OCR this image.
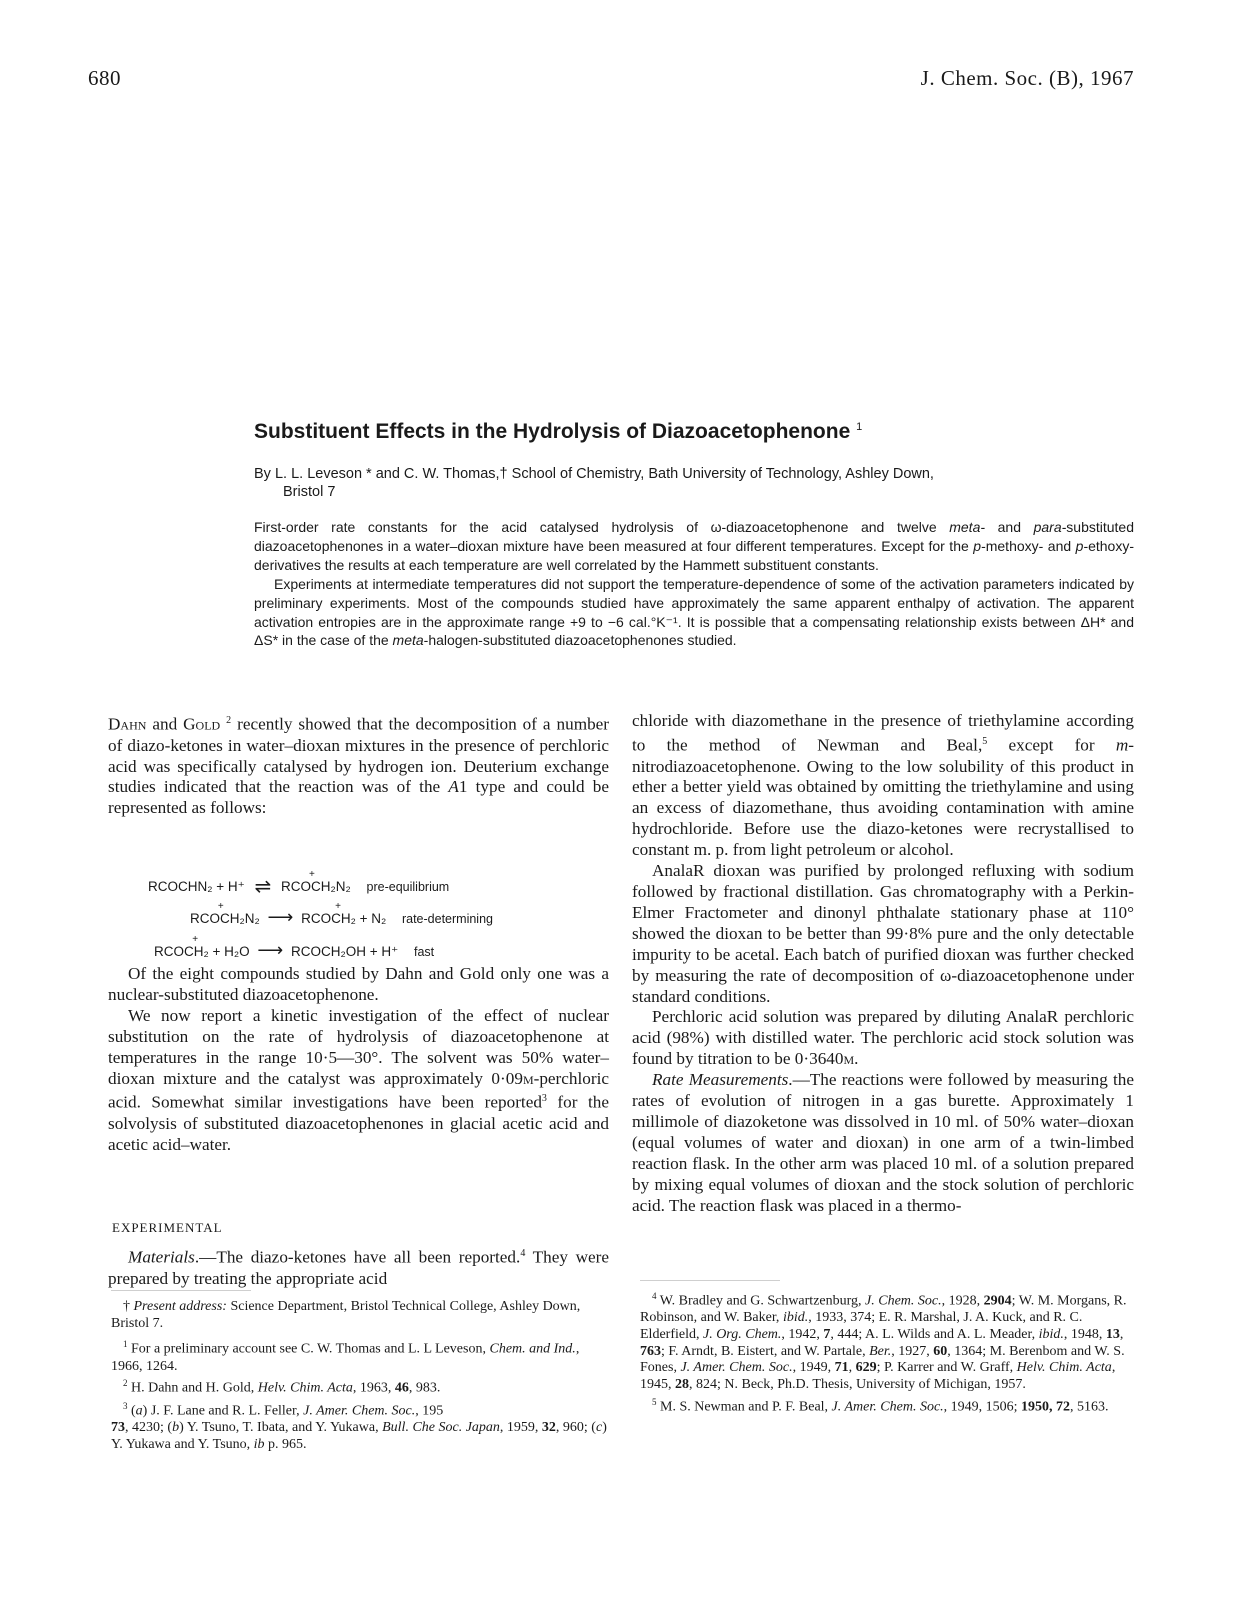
680	J. Chem. Soc. (B), 1967
Substituent Effects in the Hydrolysis of Diazoacetophenone $^1$
By L. L. Leveson * and C. W. Thomas,† School of Chemistry, Bath University of Technology, Ashley Down,
Bristol 7

First-order rate constants for the acid catalysed hydrolysis of ω-diazoacetophenone and twelve meta- and para-substituted diazoacetophenones in a water–dioxan mixture have been measured at four different temperatures. Except for the p-methoxy- and p-ethoxy-derivatives the results at each temperature are well correlated by the Hammett substituent constants.

Experiments at intermediate temperatures did not support the temperature-dependence of some of the activation parameters indicated by preliminary experiments. Most of the compounds studied have approximately the same apparent enthalpy of activation. The apparent activation entropies are in the approximate range +9 to −6 cal.°K⁻¹. It is possible that a compensating relationship exists between ΔH* and ΔS* in the case of the meta-halogen-substituted diazoacetophenones studied.

Dahn and Gold $^2$ recently showed that the decomposition of a number of diazo-ketones in water–dioxan mixtures in the presence of perchloric acid was specifically catalysed by hydrogen ion. Deuterium exchange studies indicated that the reaction was of the A1 type and could be represented as follows:

RCOCHN₂ + H⁺ ⇌ + RCOCH₂N₂ pre-equilibrium
+ RCOCH₂N₂ ⟶ + RCOCH₂ + N₂ rate-determining
+ RCOCH₂ + H₂O ⟶ RCOCH₂OH + H⁺ fast

Of the eight compounds studied by Dahn and Gold only one was a nuclear-substituted diazoacetophenone.

We now report a kinetic investigation of the effect of nuclear substitution on the rate of hydrolysis of diazoacetophenone at temperatures in the range 10·5—30°. The solvent was 50% water–dioxan mixture and the catalyst was approximately 0·09m-perchloric acid. Somewhat similar investigations have been reported$^3$ for the solvolysis of substituted diazoacetophenones in glacial acetic acid and acetic acid–water.

EXPERIMENTAL

Materials.—The diazo-ketones have all been reported.$^4$ They were prepared by treating the appropriate acid

chloride with diazomethane in the presence of triethylamine according to the method of Newman and Beal,$^5$ except for m-nitrodiazoacetophenone. Owing to the low solubility of this product in ether a better yield was obtained by omitting the triethylamine and using an excess of diazomethane, thus avoiding contamination with amine hydrochloride. Before use the diazo-ketones were recrystallised to constant m. p. from light petroleum or alcohol.

AnalaR dioxan was purified by prolonged refluxing with sodium followed by fractional distillation. Gas chromatography with a Perkin-Elmer Fractometer and dinonyl phthalate stationary phase at 110° showed the dioxan to be better than 99·8% pure and the only detectable impurity to be acetal. Each batch of purified dioxan was further checked by measuring the rate of decomposition of ω-diazoacetophenone under standard conditions.

Perchloric acid solution was prepared by diluting AnalaR perchloric acid (98%) with distilled water. The perchloric acid stock solution was found by titration to be 0·3640m.

Rate Measurements.—The reactions were followed by measuring the rates of evolution of nitrogen in a gas burette. Approximately 1 millimole of diazoketone was dissolved in 10 ml. of 50% water–dioxan (equal volumes of water and dioxan) in one arm of a twin-limbed reaction flask. In the other arm was placed 10 ml. of a solution prepared by mixing equal volumes of dioxan and the stock solution of perchloric acid. The reaction flask was placed in a thermo-

† Present address: Science Department, Bristol Technical College, Ashley Down, Bristol 7.

$^1$ For a preliminary account see C. W. Thomas and L. L Leveson, Chem. and Ind., 1966, 1264.

$^2$ H. Dahn and H. Gold, Helv. Chim. Acta, 1963, 46, 983.

$^3$ (a) J. F. Lane and R. L. Feller, J. Amer. Chem. Soc., 195
73, 4230; (b) Y. Tsuno, T. Ibata, and Y. Yukawa, Bull. Che Soc. Japan, 1959, 32, 960; (c) Y. Yukawa and Y. Tsuno, ib p. 965.

$^4$ W. Bradley and G. Schwartzenburg, J. Chem. Soc., 1928, 2904; W. M. Morgans, R. Robinson, and W. Baker, ibid., 1933, 374; E. R. Marshal, J. A. Kuck, and R. C. Elderfield, J. Org. Chem., 1942, 7, 444; A. L. Wilds and A. L. Meader, ibid., 1948, 13, 763; F. Arndt, B. Eistert, and W. Partale, Ber., 1927, 60, 1364; M. Berenbom and W. S. Fones, J. Amer. Chem. Soc., 1949, 71, 629; P. Karrer and W. Graff, Helv. Chim. Acta, 1945, 28, 824; N. Beck, Ph.D. Thesis, University of Michigan, 1957.

$^5$ M. S. Newman and P. F. Beal, J. Amer. Chem. Soc., 1949, 1506; 1950, 72, 5163.
